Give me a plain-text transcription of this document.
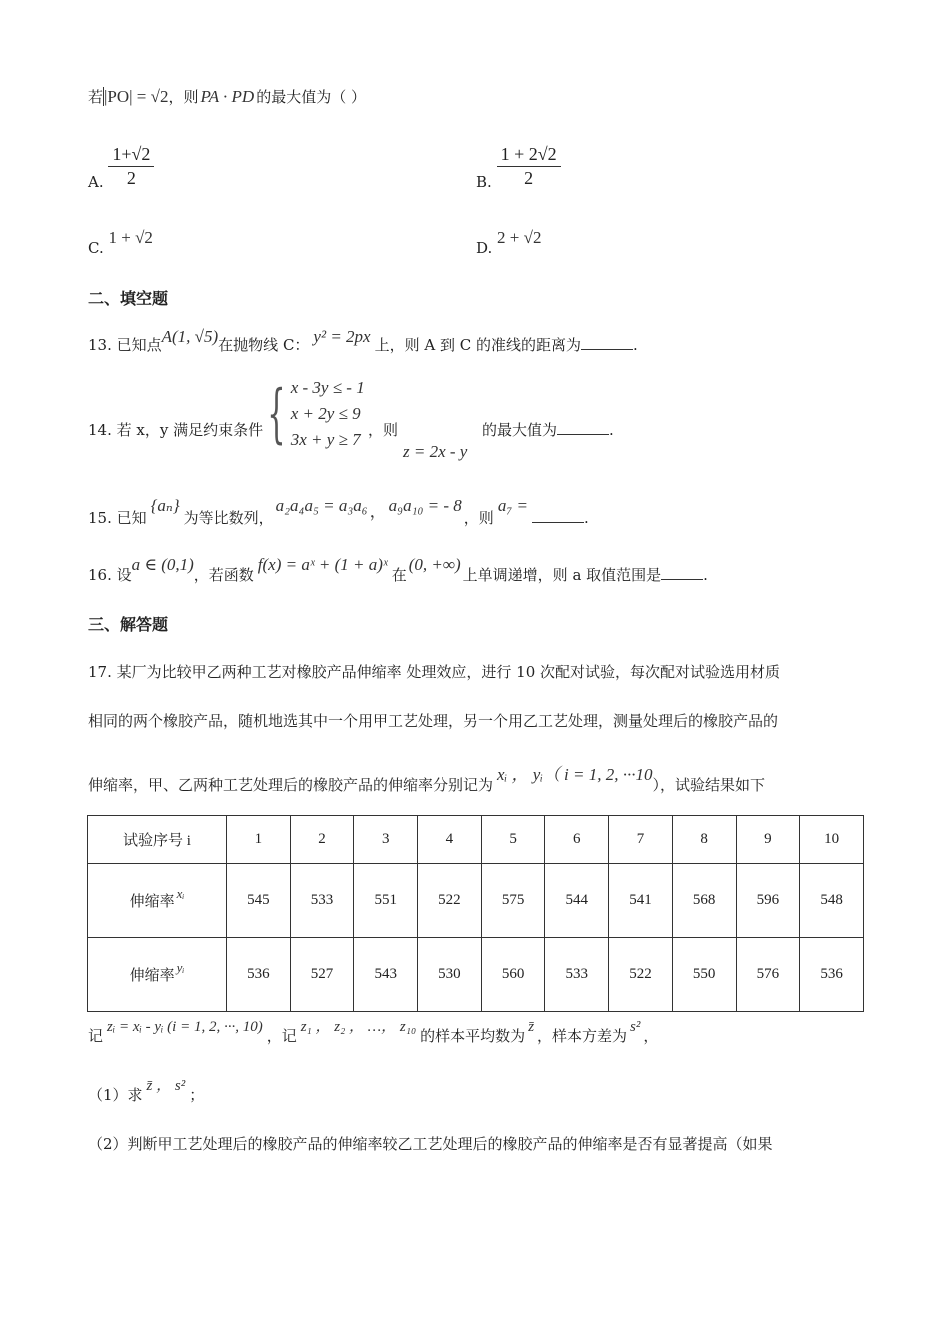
若|PO| = √2，则 PA · PD 的最大值为（ ）
A. $\frac{1+√2}{2}$	B. $\frac{1 + 2√2}{2}$
C. 1 + √2
D. 2 + √2
二、填空题
13. 已知点A(1, √5)在抛物线 C： y² = 2px 上，则 A 到 C 的准线的距离为	.
14. 若 x，y 满足约束条件 { x - 3y ≤ - 1
x + 2y ≤ 9
3x + y ≥ 7 ，则
z = 2x - y
的最大值为	.
15. 已知{aₙ}为等比数列，a₂a₄a₅ = a₃a₆ ， a₉a₁₀ = - 8，则a₇ =.
16. 设a ∈ (0,1)，若函数f(x) = aˣ + (1 + a)ˣ在(0, +∞)上单调递增，则 a 取值范围是	.
三、解答题
17. 某厂为比较甲乙两种工艺对橡胶产品伸缩率 处理效应，进行 10 次配对试验，每次配对试验选用材质
相同的两个橡胶产品，随机地选其中一个用甲工艺处理，另一个用乙工艺处理，测量处理后的橡胶产品的
伸缩率，甲、乙两种工艺处理后的橡胶产品的伸缩率分别记为xᵢ ， yᵢ（ i = 1, 2, ···10），试验结果如下
试验序号 i	1	2	3	4	5	6	7	8	9	10
伸缩率xᵢ	545	533	551	522	575	544	541	568	596	548
伸缩率yᵢ	536	527	543	530	560	533	522	550	576	536
记 zᵢ = xᵢ - yᵢ (i = 1, 2, ···, 10) ，记 z₁ ， z₂ ， …， z₁₀ 的样本平均数为 z̄ ，样本方差为 s² ，
（1）求 z̄ ， s² ；
（2）判断甲工艺处理后的橡胶产品的伸缩率较乙工艺处理后的橡胶产品的伸缩率是否有显著提高（如果
